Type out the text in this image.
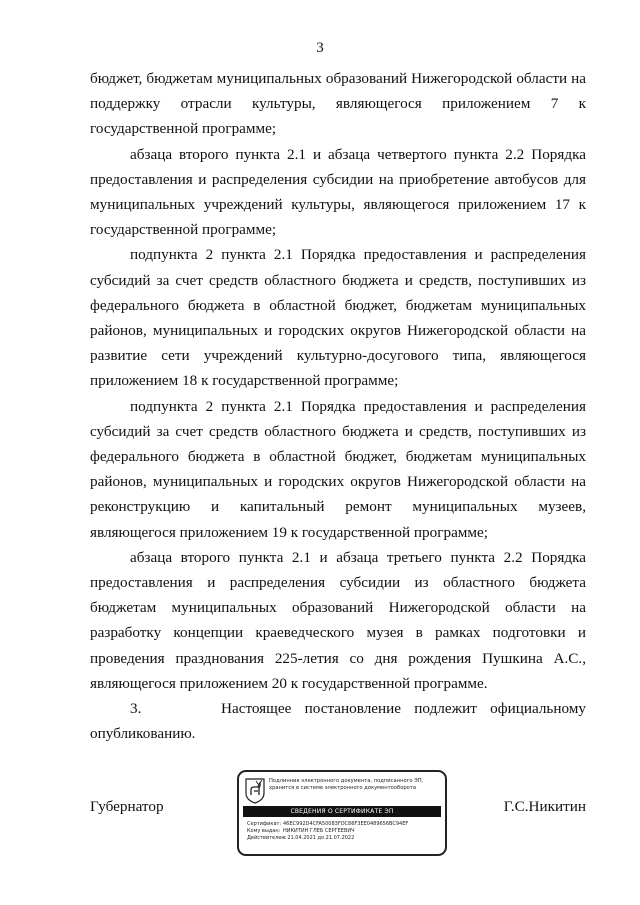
3

бюджет, бюджетам муниципальных образований Нижегородской области на поддержку отрасли культуры, являющегося приложением 7 к государственной программе;

абзаца второго пункта 2.1 и абзаца четвертого пункта 2.2 Порядка предоставления и распределения субсидии на приобретение автобусов для муниципальных учреждений культуры, являющегося приложением 17 к государственной программе;

подпункта 2 пункта 2.1 Порядка предоставления и распределения субсидий за счет средств областного бюджета и средств, поступивших из федерального бюджета в областной бюджет, бюджетам муниципальных районов, муниципальных и городских округов Нижегородской области на развитие сети учреждений культурно-досугового типа, являющегося приложением 18 к государственной программе;

подпункта 2 пункта 2.1 Порядка предоставления и распределения субсидий за счет средств областного бюджета и средств, поступивших из федерального бюджета в областной бюджет, бюджетам муниципальных районов, муниципальных и городских округов Нижегородской области на реконструкцию и капитальный ремонт муниципальных музеев, являющегося приложением 19 к государственной программе;

абзаца второго пункта 2.1 и абзаца третьего пункта 2.2 Порядка предоставления и распределения субсидии из областного бюджета бюджетам муниципальных образований Нижегородской области на разработку концепции краеведческого музея в рамках подготовки и проведения празднования 225-летия со дня рождения Пушкина А.С., являющегося приложением 20 к государственной программе.

3.      Настоящее постановление подлежит официальному опубликованию.

Губернатор	Г.С.Никитин
Подлинник электронного документа, подписанного ЭП, хранится в системе электронного документооборота
СВЕДЕНИЯ О СЕРТИФИКАТЕ ЭП
Сертификат: 46EC992D4CFA50083FDC86F3EE0489656BC94EF
Кому выдан: НИКИТИН ГЛЕБ СЕРГЕЕВИЧ
Действителен:с 21.04.2021 до 21.07.2022
